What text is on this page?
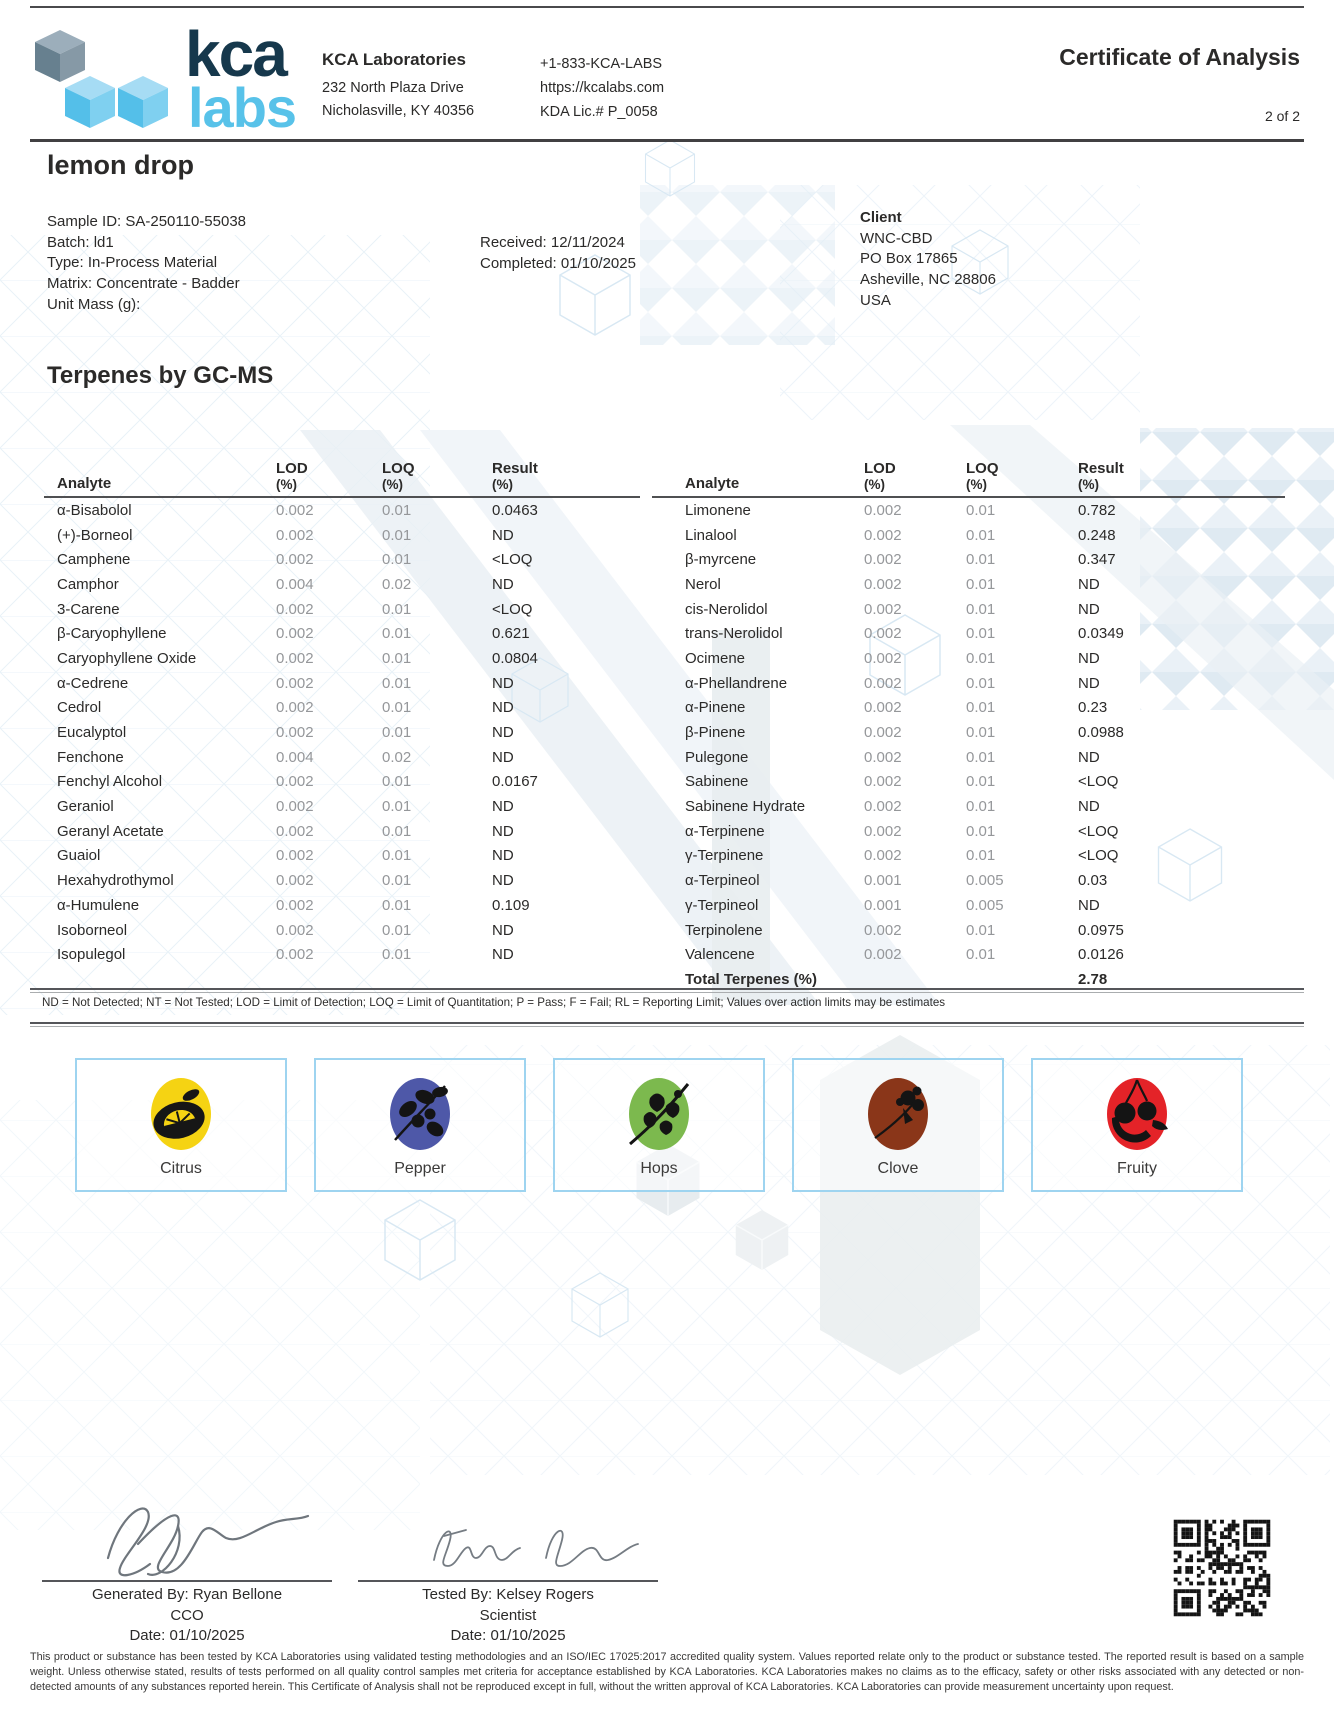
kca
labs
KCA Laboratories
232 North Plaza Drive
Nicholasville, KY 40356
+1-833-KCA-LABS
https://kcalabs.com
KDA Lic.# P_0058
Certificate of Analysis
2 of 2
lemon drop
Sample ID: SA-250110-55038
Batch: ld1
Type: In-Process Material
Matrix: Concentrate - Badder
Unit Mass (g):
Received: 12/11/2024
Completed: 01/10/2025
Client
WNC-CBD
PO Box 17865
Asheville, NC 28806
USA
Terpenes by GC-MS
Analyte
LOD
(%)
LOQ
(%)
Result
(%)
α-Bisabolol	0.002	0.01	0.0463
(+)-Borneol	0.002	0.01	ND
Camphene	0.002	0.01	<LOQ
Camphor	0.004	0.02	ND
3-Carene	0.002	0.01	<LOQ
β-Caryophyllene	0.002	0.01	0.621
Caryophyllene Oxide	0.002	0.01	0.0804
α-Cedrene	0.002	0.01	ND
Cedrol	0.002	0.01	ND
Eucalyptol	0.002	0.01	ND
Fenchone	0.004	0.02	ND
Fenchyl Alcohol	0.002	0.01	0.0167
Geraniol	0.002	0.01	ND
Geranyl Acetate	0.002	0.01	ND
Guaiol	0.002	0.01	ND
Hexahydrothymol	0.002	0.01	ND
α-Humulene	0.002	0.01	0.109
Isoborneol	0.002	0.01	ND
Isopulegol	0.002	0.01	ND
Analyte
LOD
(%)
LOQ
(%)
Result
(%)
Limonene	0.002	0.01	0.782
Linalool	0.002	0.01	0.248
β-myrcene	0.002	0.01	0.347
Nerol	0.002	0.01	ND
cis-Nerolidol	0.002	0.01	ND
trans-Nerolidol	0.002	0.01	0.0349
Ocimene	0.002	0.01	ND
α-Phellandrene	0.002	0.01	ND
α-Pinene	0.002	0.01	0.23
β-Pinene	0.002	0.01	0.0988
Pulegone	0.002	0.01	ND
Sabinene	0.002	0.01	<LOQ
Sabinene Hydrate	0.002	0.01	ND
α-Terpinene	0.002	0.01	<LOQ
γ-Terpinene	0.002	0.01	<LOQ
α-Terpineol	0.001	0.005	0.03
γ-Terpineol	0.001	0.005	ND
Terpinolene	0.002	0.01	0.0975
Valencene	0.002	0.01	0.0126
Total Terpenes (%)	2.78
ND = Not Detected; NT = Not Tested; LOD = Limit of Detection; LOQ = Limit of Quantitation; P = Pass; F = Fail; RL = Reporting Limit; Values over action limits may be estimates
Citrus	Pepper	Hops	Clove	Fruity
Generated By: Ryan Bellone
CCO
Date: 01/10/2025
Tested By: Kelsey Rogers
Scientist
Date: 01/10/2025
This product or substance has been tested by KCA Laboratories using validated testing methodologies and an ISO/IEC 17025:2017 accredited quality system. Values reported relate only to the product or substance tested. The reported result is based on a sample weight. Unless otherwise stated, results of tests performed on all quality control samples met criteria for acceptance established by KCA Laboratories. KCA Laboratories makes no claims as to the efficacy, safety or other risks associated with any detected or non-detected amounts of any substances reported herein. This Certificate of Analysis shall not be reproduced except in full, without the written approval of KCA Laboratories. KCA Laboratories can provide measurement uncertainty upon request.
